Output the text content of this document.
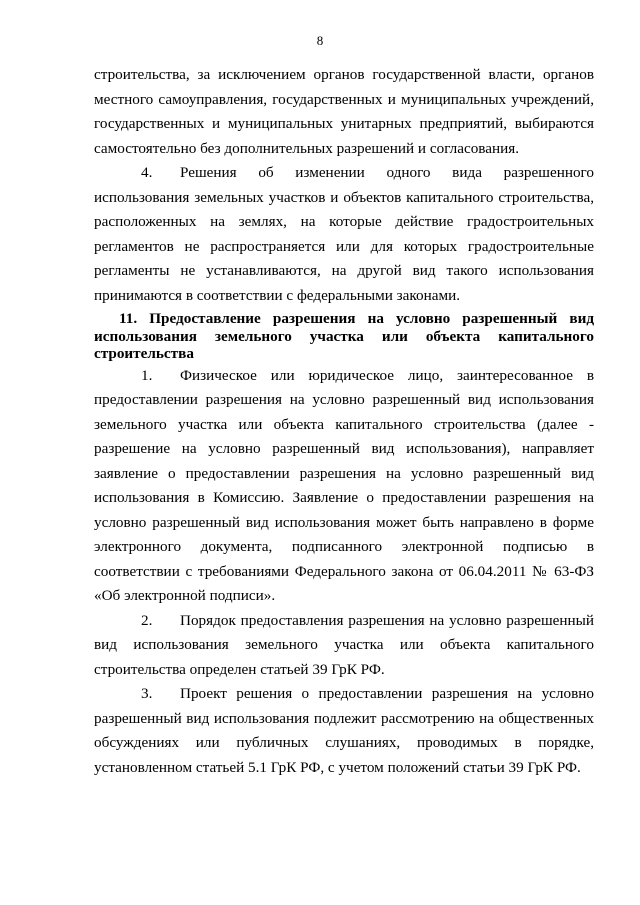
8

строительства, за исключением органов государственной власти, органов местного самоуправления, государственных и муниципальных учреждений, государственных и муниципальных унитарных предприятий, выбираются самостоятельно без дополнительных разрешений и согласования.

4. Решения об изменении одного вида разрешенного использования земельных участков и объектов капитального строительства, расположенных на землях, на которые действие градостроительных регламентов не распространяется или для которых градостроительные регламенты не устанавливаются, на другой вид такого использования принимаются в соответствии с федеральными законами.

11. Предоставление разрешения на условно разрешенный вид использования земельного участка или объекта капитального строительства

1. Физическое или юридическое лицо, заинтересованное в предоставлении разрешения на условно разрешенный вид использования земельного участка или объекта капитального строительства (далее - разрешение на условно разрешенный вид использования), направляет заявление о предоставлении разрешения на условно разрешенный вид использования в Комиссию. Заявление о предоставлении разрешения на условно разрешенный вид использования может быть направлено в форме электронного документа, подписанного электронной подписью в соответствии с требованиями Федерального закона от 06.04.2011 № 63-ФЗ «Об электронной подписи».

2. Порядок предоставления разрешения на условно разрешенный вид использования земельного участка или объекта капитального строительства определен статьей 39 ГрК РФ.

3. Проект решения о предоставлении разрешения на условно разрешенный вид использования подлежит рассмотрению на общественных обсуждениях или публичных слушаниях, проводимых в порядке, установленном статьей 5.1 ГрК РФ, с учетом положений статьи 39 ГрК РФ.
